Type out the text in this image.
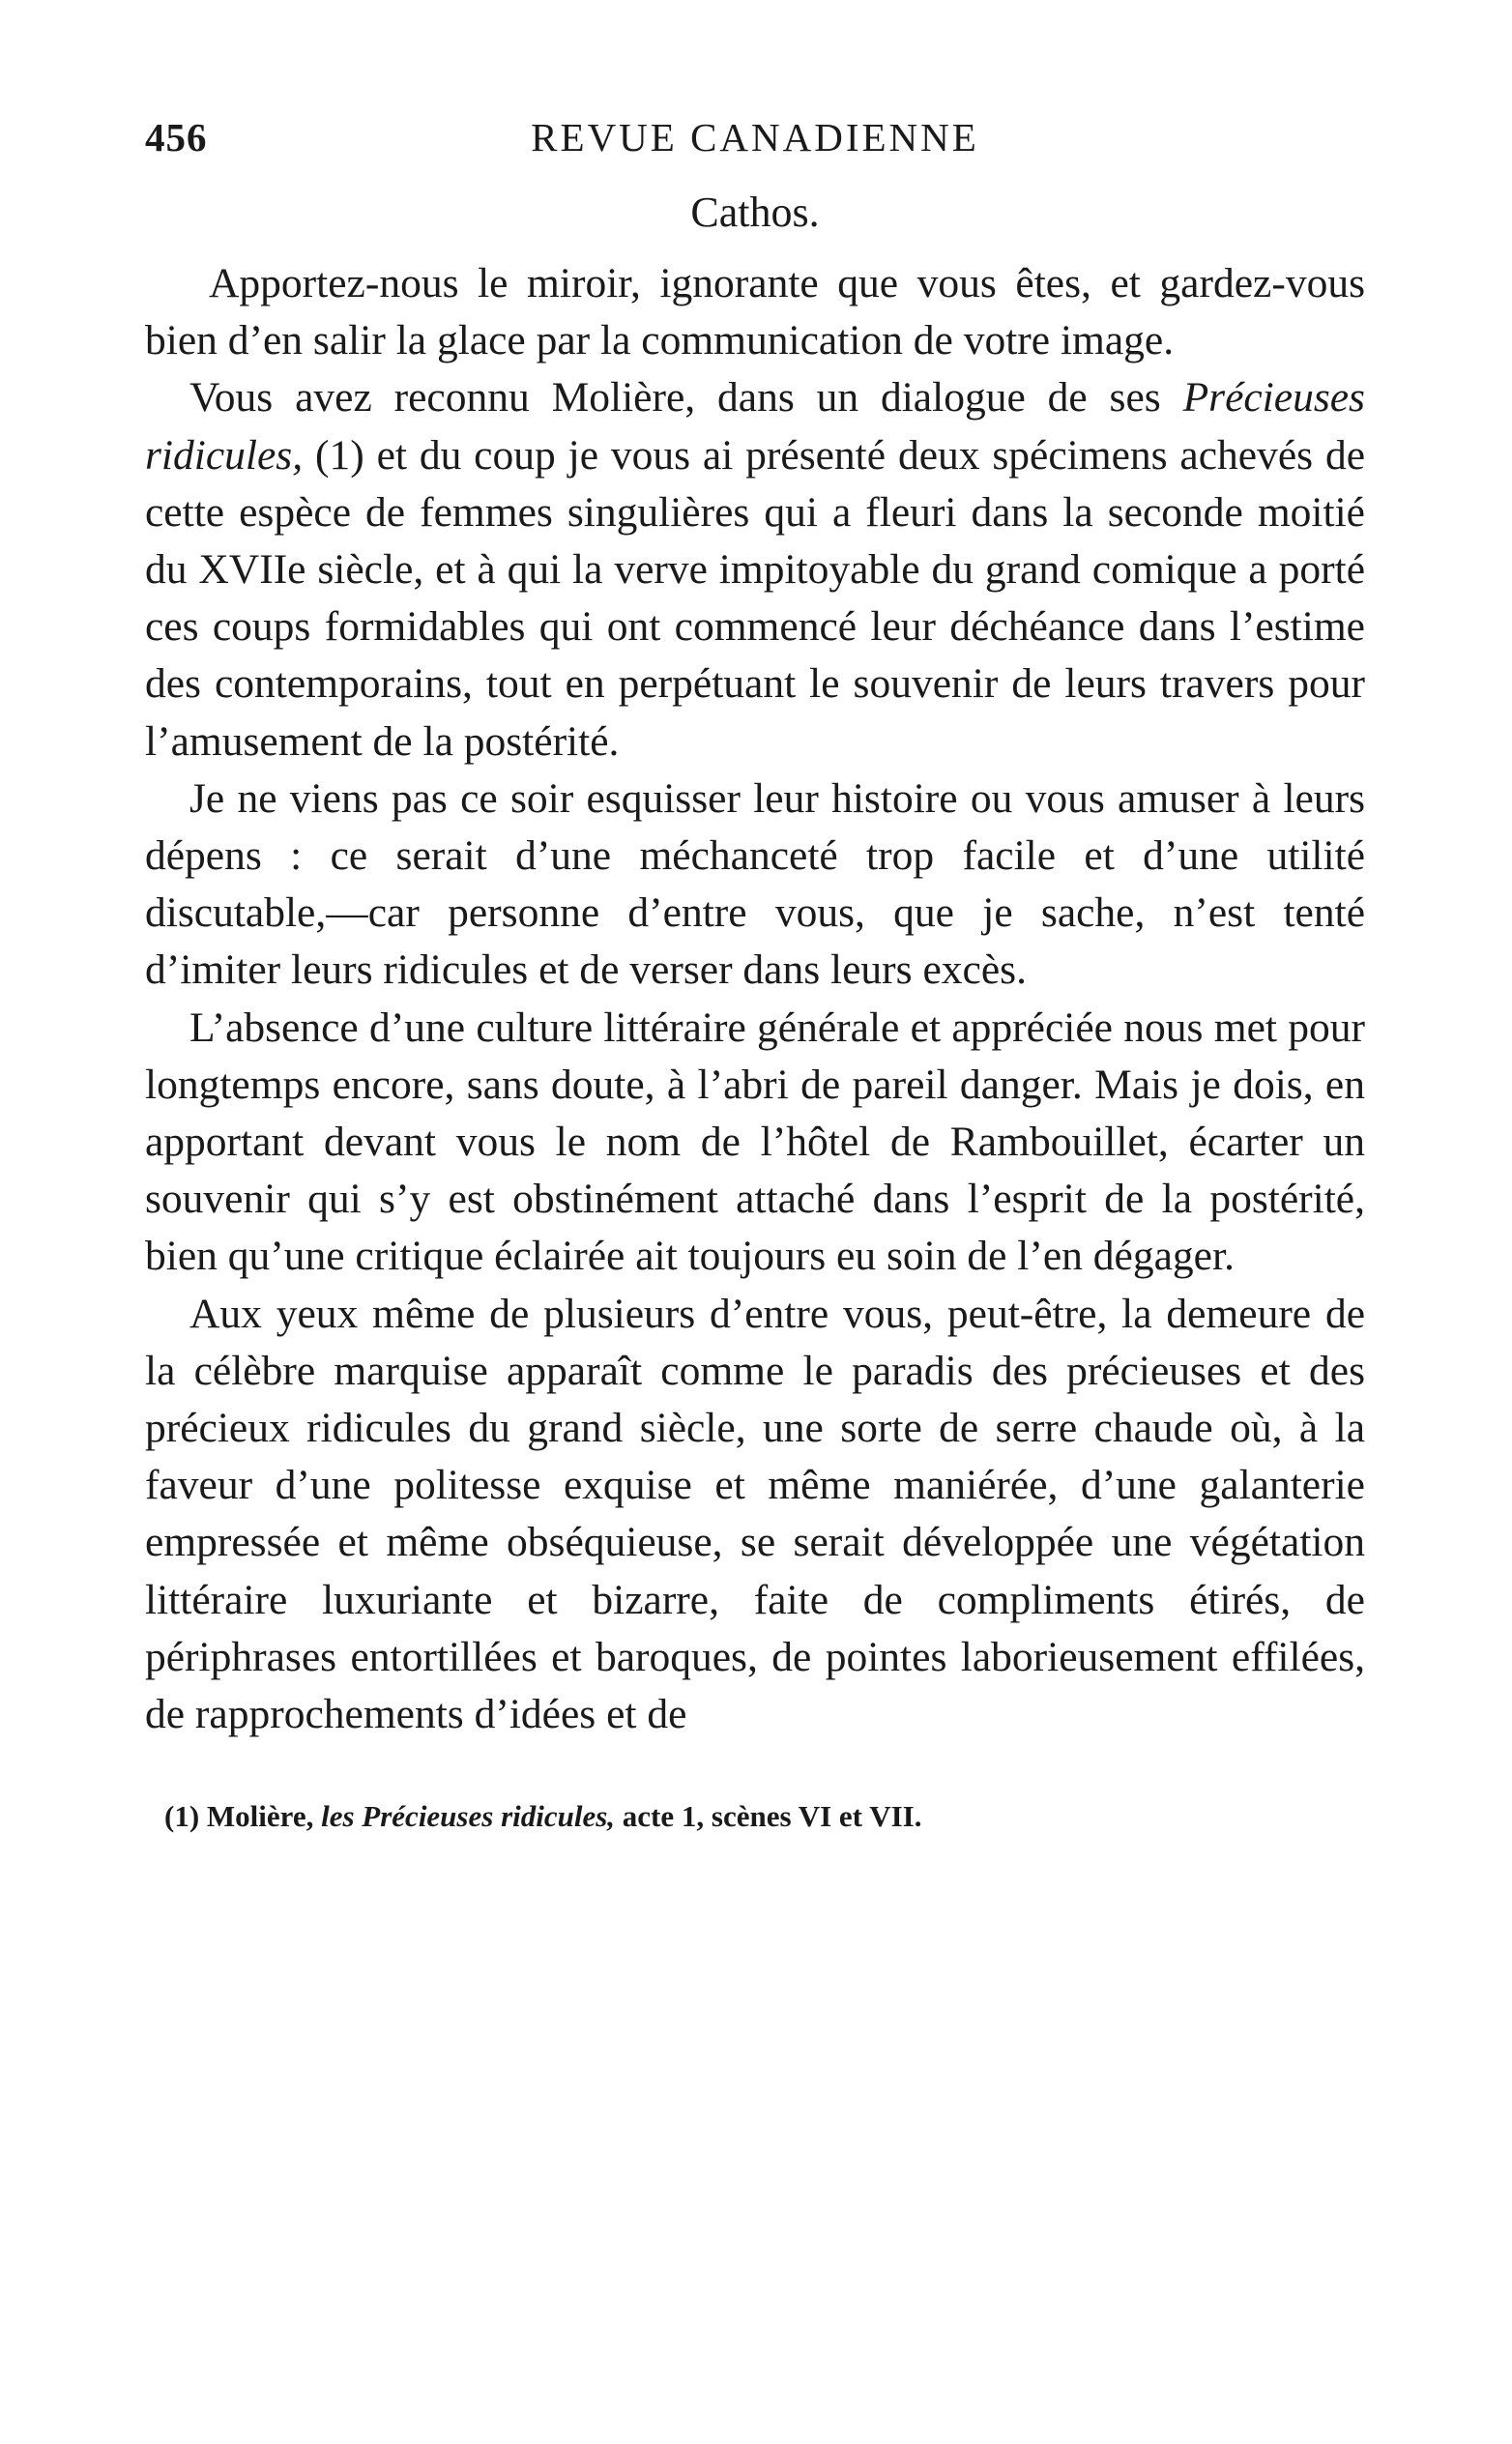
456	REVUE CANADIENNE
Cathos.

Apportez-nous le miroir, ignorante que vous êtes, et gardez-vous bien d’en salir la glace par la communication de votre image.

Vous avez reconnu Molière, dans un dialogue de ses Précieuses ridicules, (1) et du coup je vous ai présenté deux spécimens achevés de cette espèce de femmes singulières qui a fleuri dans la seconde moitié du XVIIe siècle, et à qui la verve impitoyable du grand comique a porté ces coups formidables qui ont commencé leur déchéance dans l’estime des contemporains, tout en perpétuant le souvenir de leurs travers pour l’amusement de la postérité.

Je ne viens pas ce soir esquisser leur histoire ou vous amuser à leurs dépens : ce serait d’une méchanceté trop facile et d’une utilité discutable,—car personne d’entre vous, que je sache, n’est tenté d’imiter leurs ridicules et de verser dans leurs excès.

L’absence d’une culture littéraire générale et appréciée nous met pour longtemps encore, sans doute, à l’abri de pareil danger. Mais je dois, en apportant devant vous le nom de l’hôtel de Rambouillet, écarter un souvenir qui s’y est obstinément attaché dans l’esprit de la postérité, bien qu’une critique éclairée ait toujours eu soin de l’en dégager.

Aux yeux même de plusieurs d’entre vous, peut-être, la demeure de la célèbre marquise apparaît comme le paradis des précieuses et des précieux ridicules du grand siècle, une sorte de serre chaude où, à la faveur d’une politesse exquise et même maniérée, d’une galanterie empressée et même obséquieuse, se serait développée une végétation littéraire luxuriante et bizarre, faite de compliments étirés, de périphrases entortillées et baroques, de pointes laborieusement effilées, de rapprochements d’idées et de

(1) Molière, les Précieuses ridicules, acte 1, scènes VI et VII.
